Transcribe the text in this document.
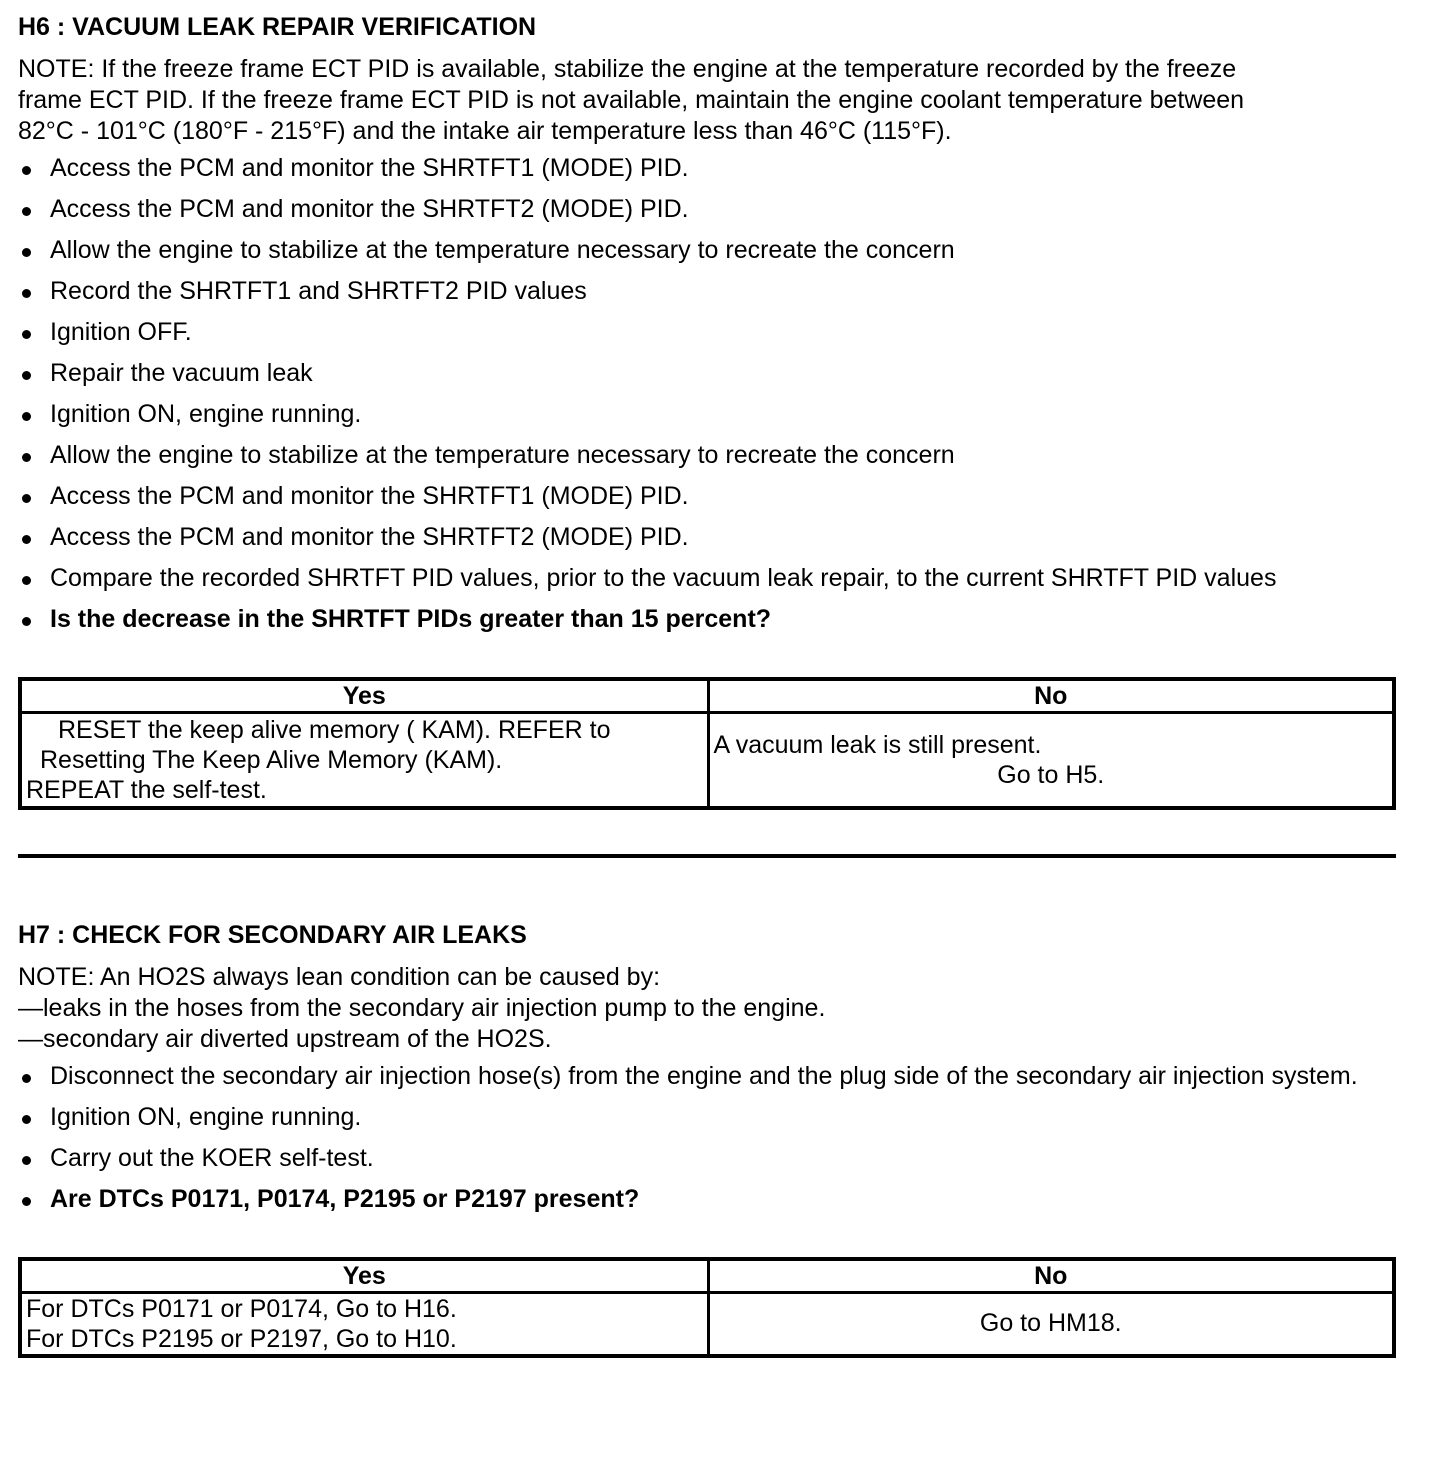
H6 : VACUUM LEAK REPAIR VERIFICATION
NOTE: If the freeze frame ECT PID is available, stabilize the engine at the temperature recorded by the freeze
frame ECT PID. If the freeze frame ECT PID is not available, maintain the engine coolant temperature between
82°C - 101°C (180°F - 215°F) and the intake air temperature less than 46°C (115°F).
Access the PCM and monitor the SHRTFT1 (MODE) PID.
Access the PCM and monitor the SHRTFT2 (MODE) PID.
Allow the engine to stabilize at the temperature necessary to recreate the concern
Record the SHRTFT1 and SHRTFT2 PID values
Ignition OFF.
Repair the vacuum leak
Ignition ON, engine running.
Allow the engine to stabilize at the temperature necessary to recreate the concern
Access the PCM and monitor the SHRTFT1 (MODE) PID.
Access the PCM and monitor the SHRTFT2 (MODE) PID.
Compare the recorded SHRTFT PID values, prior to the vacuum leak repair, to the current SHRTFT PID values
Is the decrease in the SHRTFT PIDs greater than 15 percent?
Yes	No

RESET the keep alive memory ( KAM). REFER to
Resetting The Keep Alive Memory (KAM).
REPEAT the self-test.	A vacuum leak is still present.
Go to H5.
H7 : CHECK FOR SECONDARY AIR LEAKS
NOTE: An HO2S always lean condition can be caused by:
—leaks in the hoses from the secondary air injection pump to the engine.
—secondary air diverted upstream of the HO2S.
Disconnect the secondary air injection hose(s) from the engine and the plug side of the secondary air injection system.
Ignition ON, engine running.
Carry out the KOER self-test.
Are DTCs P0171, P0174, P2195 or P2197 present?
Yes	No

For DTCs P0171 or P0174, Go to H16.
For DTCs P2195 or P2197, Go to H10.	Go to HM18.
